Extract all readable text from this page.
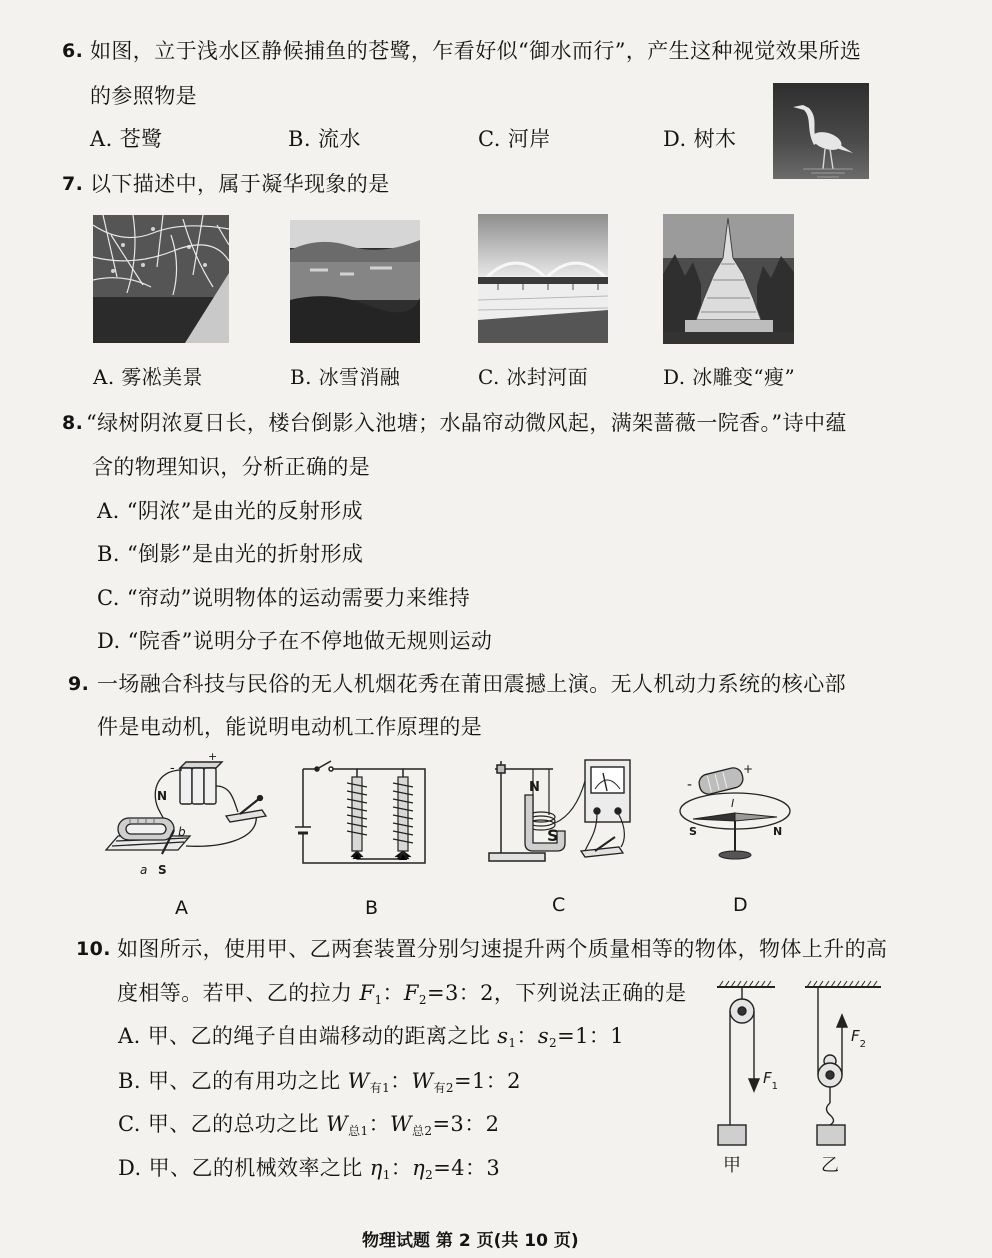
6. 如图，立于浅水区静候捕鱼的苍鹭，乍看好似“御水而行”，产生这种视觉效果所选
的参照物是
A. 苍鹭	B. 流水	C. 河岸	D. 树木
7. 以下描述中，属于凝华现象的是
A. 雾凇美景	B. 冰雪消融	C. 冰封河面	D. 冰雕变“瘦”
8. “绿树阴浓夏日长，楼台倒影入池塘；水晶帘动微风起，满架蔷薇一院香。”诗中蕴
含的物理知识，分析正确的是
A. “阴浓”是由光的反射形成
B. “倒影”是由光的折射形成
C. “帘动”说明物体的运动需要力来维持
D. “院香”说明分子在不停地做无规则运动
9. 一场融合科技与民俗的无人机烟花秀在莆田震撼上演。无人机动力系统的核心部
件是电动机，能说明电动机工作原理的是
-
+
N
b
a S
N
S
-
+
I
S	N
A	B	C	D
10. 如图所示，使用甲、乙两套装置分别匀速提升两个质量相等的物体，物体上升的高
度相等。若甲、乙的拉力 $F_1$：$F_2=3$：2，下列说法正确的是
A. 甲、乙的绳子自由端移动的距离之比 $s_1$：$s_2=1$：1
B. 甲、乙的有用功之比 $W_{有1}$：$W_{有2}=1$：2
C. 甲、乙的总功之比 $W_{总1}$：$W_{总2}=3$：2
D. 甲、乙的机械效率之比 $\eta_1$：$\eta_2=4$：3
$F_1$
$F_2$
甲	乙
物理试题 第 2 页(共 10 页)
